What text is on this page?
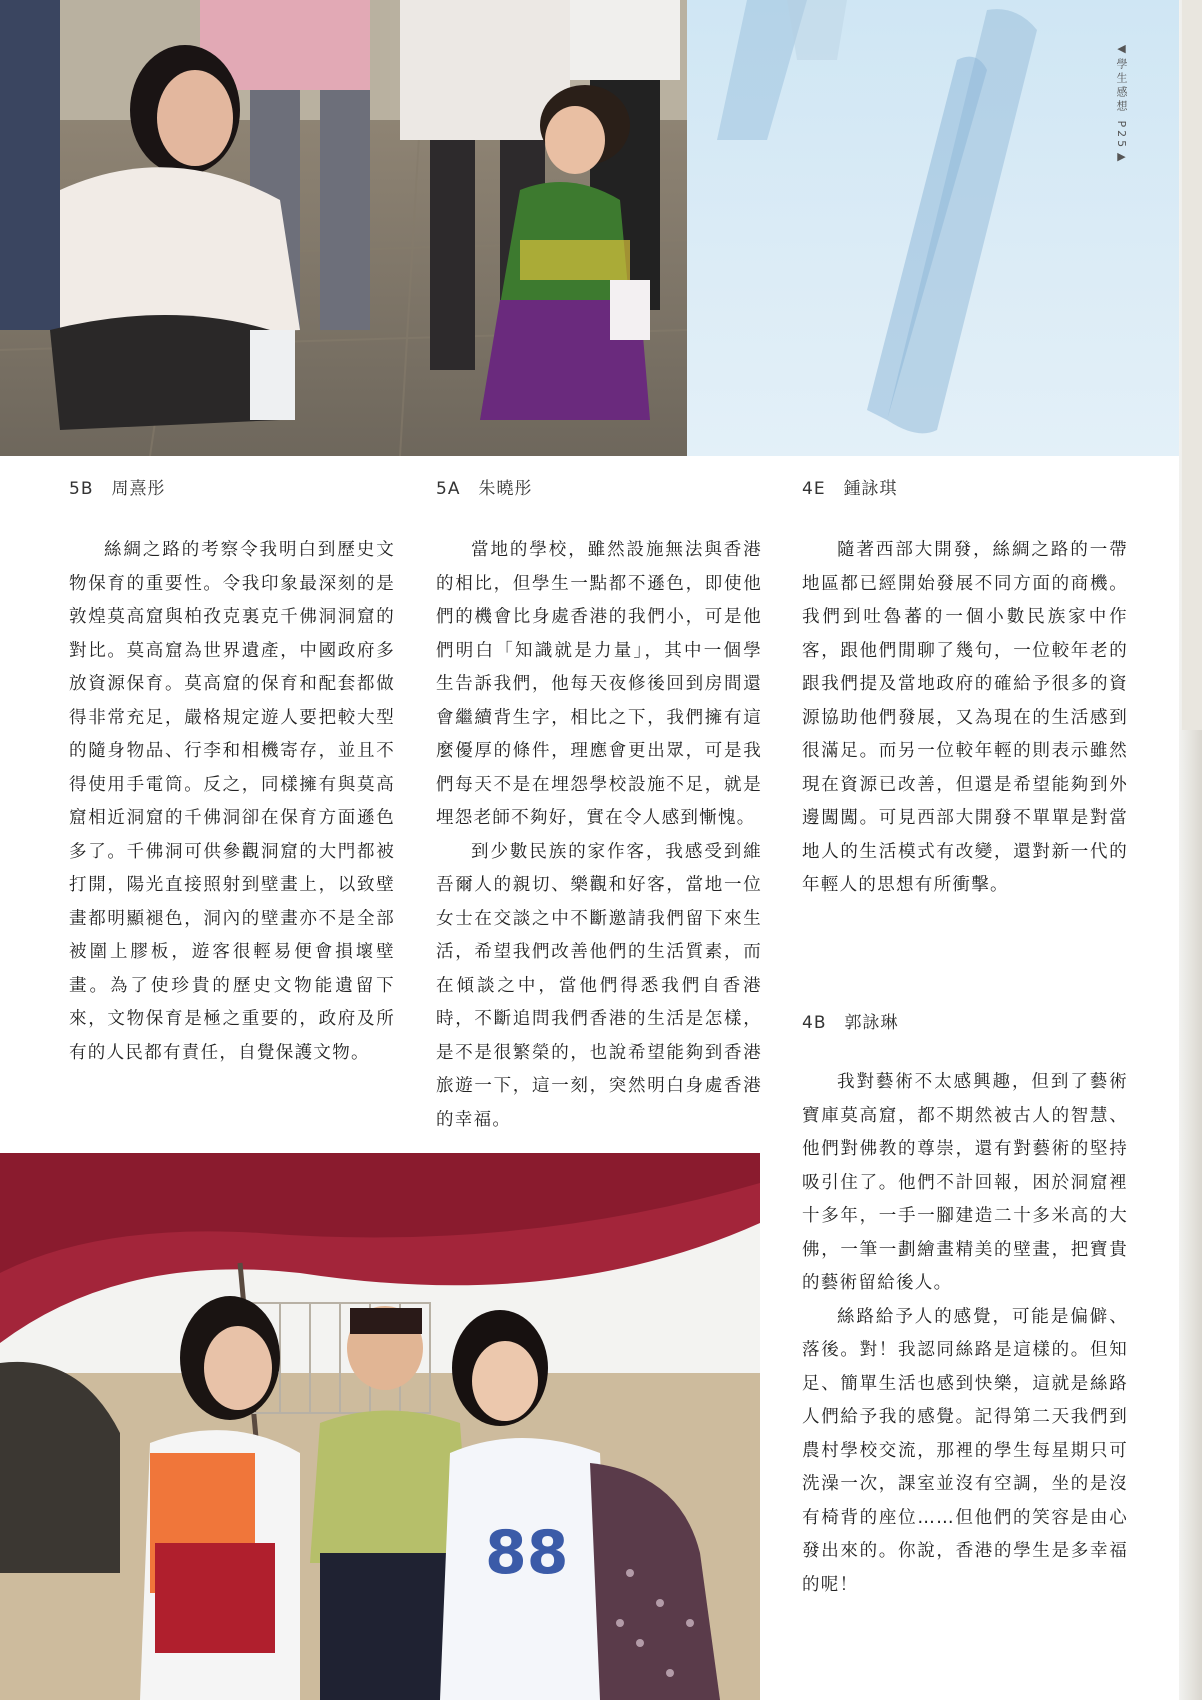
◀學生感想 P25▶
5B 周熹彤

絲綢之路的考察令我明白到歷史文物保育的重要性。令我印象最深刻的是敦煌莫高窟與柏孜克裏克千佛洞洞窟的對比。莫高窟為世界遺產，中國政府多放資源保育。莫高窟的保育和配套都做得非常充足，嚴格規定遊人要把較大型的隨身物品、行李和相機寄存，並且不得使用手電筒。反之，同樣擁有與莫高窟相近洞窟的千佛洞卻在保育方面遜色多了。千佛洞可供參觀洞窟的大門都被打開，陽光直接照射到壁畫上，以致壁畫都明顯褪色，洞內的壁畫亦不是全部被圍上膠板，遊客很輕易便會損壞壁畫。為了使珍貴的歷史文物能遺留下來，文物保育是極之重要的，政府及所有的人民都有責任，自覺保護文物。

5A 朱曉彤

當地的學校，雖然設施無法與香港的相比，但學生一點都不遜色，即使他們的機會比身處香港的我們小，可是他們明白「知識就是力量」，其中一個學生告訴我們，他每天夜修後回到房間還會繼續背生字，相比之下，我們擁有這麼優厚的條件，理應會更出眾，可是我們每天不是在埋怨學校設施不足，就是埋怨老師不夠好，實在令人感到慚愧。

到少數民族的家作客，我感受到維吾爾人的親切、樂觀和好客，當地一位女士在交談之中不斷邀請我們留下來生活，希望我們改善他們的生活質素，而在傾談之中，當他們得悉我們自香港時，不斷追問我們香港的生活是怎樣，是不是很繁榮的，也說希望能夠到香港旅遊一下，這一刻，突然明白身處香港的幸福。

4E 鍾詠琪

隨著西部大開發，絲綢之路的一帶地區都已經開始發展不同方面的商機。我們到吐魯蕃的一個小數民族家中作客，跟他們閒聊了幾句，一位較年老的跟我們提及當地政府的確給予很多的資源協助他們發展，又為現在的生活感到很滿足。而另一位較年輕的則表示雖然現在資源已改善，但還是希望能夠到外邊闖闖。可見西部大開發不單單是對當地人的生活模式有改變，還對新一代的年輕人的思想有所衝擊。

4B 郭詠琳

我對藝術不太感興趣，但到了藝術寶庫莫高窟，都不期然被古人的智慧、他們對佛教的尊崇，還有對藝術的堅持吸引住了。他們不計回報，困於洞窟裡十多年，一手一腳建造二十多米高的大佛，一筆一劃繪畫精美的壁畫，把寶貴的藝術留給後人。

絲路給予人的感覺，可能是偏僻、落後。對！我認同絲路是這樣的。但知足、簡單生活也感到快樂，這就是絲路人們給予我的感覺。記得第二天我們到農村學校交流，那裡的學生每星期只可洗澡一次，課室並沒有空調，坐的是沒有椅背的座位……但他們的笑容是由心發出來的。你說，香港的學生是多幸福的呢！

88
